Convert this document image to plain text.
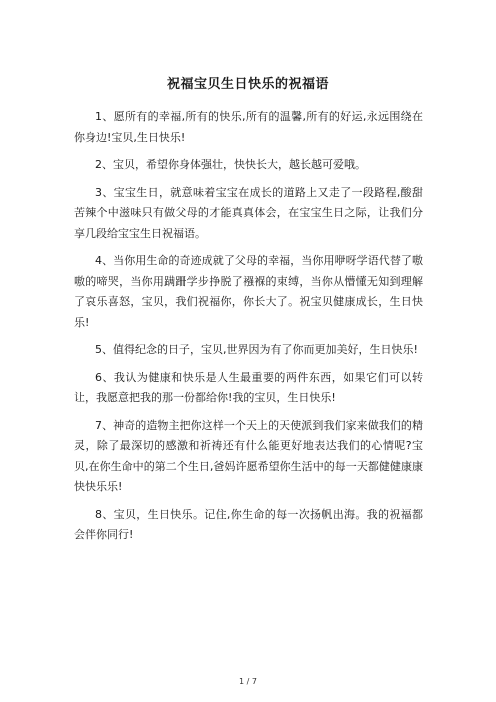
祝福宝贝生日快乐的祝福语

1、愿所有的幸福,所有的快乐,所有的温馨,所有的好运,永远围绕在你身边!宝贝,生日快乐!

2、宝贝，希望你身体强壮，快快长大，越长越可爱哦。

3、宝宝生日，就意味着宝宝在成长的道路上又走了一段路程,酸甜苦辣个中滋味只有做父母的才能真真体会，在宝宝生日之际，让我们分享几段给宝宝生日祝福语。

4、当你用生命的奇迹成就了父母的幸福，当你用咿呀学语代替了嗷嗷的啼哭，当你用蹒跚学步挣脱了襁褓的束缚，当你从懵懂无知到理解了哀乐喜怒，宝贝，我们祝福你，你长大了。祝宝贝健康成长，生日快乐!

5、值得纪念的日子，宝贝,世界因为有了你而更加美好，生日快乐!

6、我认为健康和快乐是人生最重要的两件东西，如果它们可以转让，我愿意把我的那一份都给你!我的宝贝，生日快乐!

7、神奇的造物主把你这样一个天上的天使派到我们家来做我们的精灵，除了最深切的感激和祈祷还有什么能更好地表达我们的心情呢?宝贝,在你生命中的第二个生日,爸妈许愿希望你生活中的每一天都健健康康快快乐乐!

8、宝贝，生日快乐。记住,你生命的每一次扬帆出海。我的祝福都会伴你同行!

1 / 7
